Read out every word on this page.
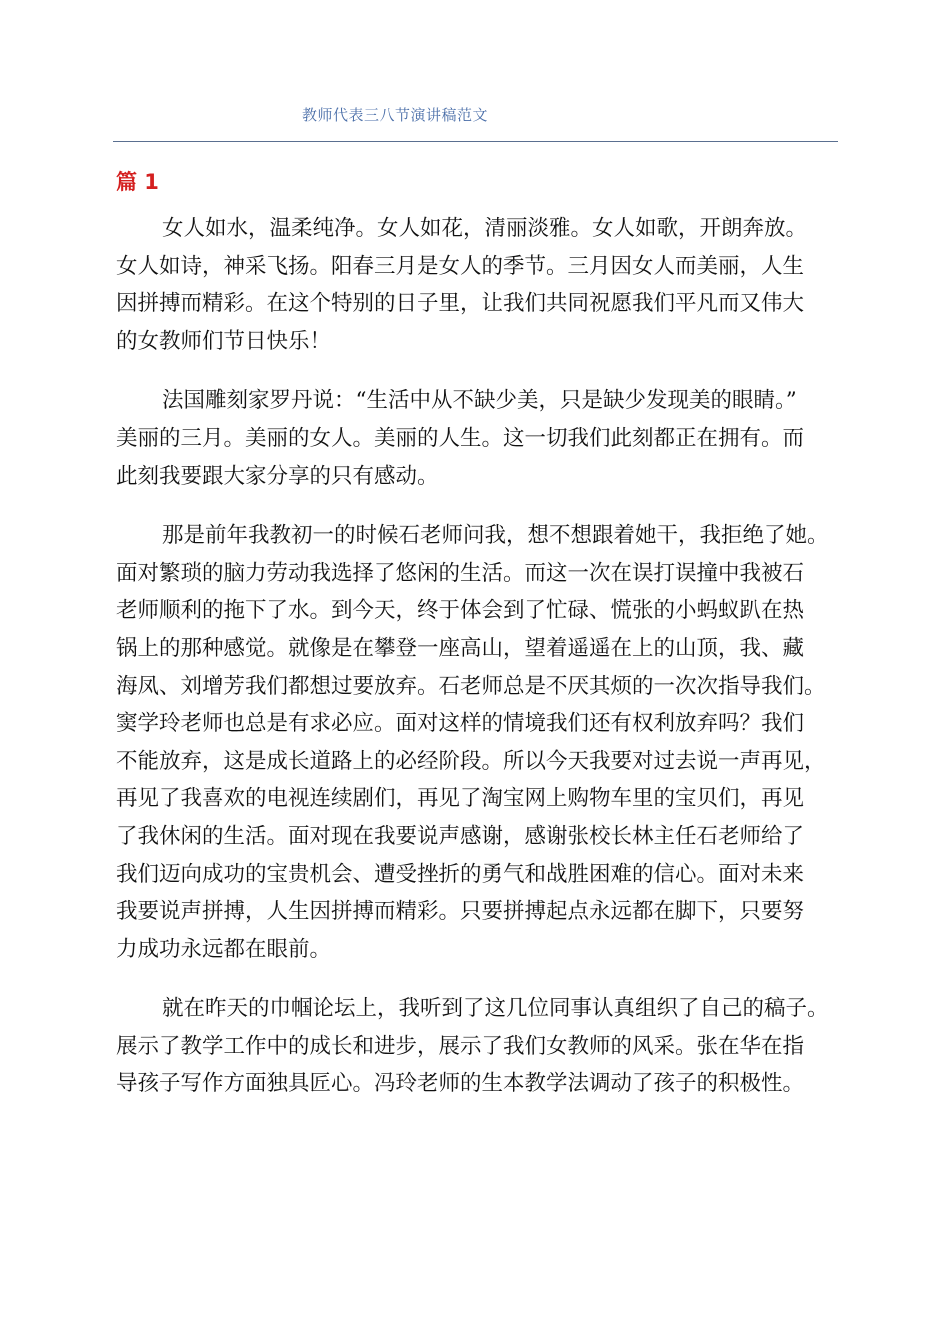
教师代表三八节演讲稿范文
篇 1
女人如水，温柔纯净。女人如花，清丽淡雅。女人如歌，开朗奔放。
女人如诗，神采飞扬。阳春三月是女人的季节。三月因女人而美丽，人生
因拼搏而精彩。在这个特别的日子里，让我们共同祝愿我们平凡而又伟大
的女教师们节日快乐！
法国雕刻家罗丹说：“生活中从不缺少美，只是缺少发现美的眼睛。”
美丽的三月。美丽的女人。美丽的人生。这一切我们此刻都正在拥有。而
此刻我要跟大家分享的只有感动。
那是前年我教初一的时候石老师问我，想不想跟着她干，我拒绝了她。
面对繁琐的脑力劳动我选择了悠闲的生活。而这一次在误打误撞中我被石
老师顺利的拖下了水。到今天，终于体会到了忙碌、慌张的小蚂蚁趴在热
锅上的那种感觉。就像是在攀登一座高山，望着遥遥在上的山顶，我、藏
海凤、刘增芳我们都想过要放弃。石老师总是不厌其烦的一次次指导我们。
窦学玲老师也总是有求必应。面对这样的情境我们还有权利放弃吗？我们
不能放弃，这是成长道路上的必经阶段。所以今天我要对过去说一声再见，
再见了我喜欢的电视连续剧们，再见了淘宝网上购物车里的宝贝们，再见
了我休闲的生活。面对现在我要说声感谢，感谢张校长林主任石老师给了
我们迈向成功的宝贵机会、遭受挫折的勇气和战胜困难的信心。面对未来
我要说声拼搏，人生因拼搏而精彩。只要拼搏起点永远都在脚下，只要努
力成功永远都在眼前。
就在昨天的巾帼论坛上，我听到了这几位同事认真组织了自己的稿子。
展示了教学工作中的成长和进步，展示了我们女教师的风采。张在华在指
导孩子写作方面独具匠心。冯玲老师的生本教学法调动了孩子的积极性。
